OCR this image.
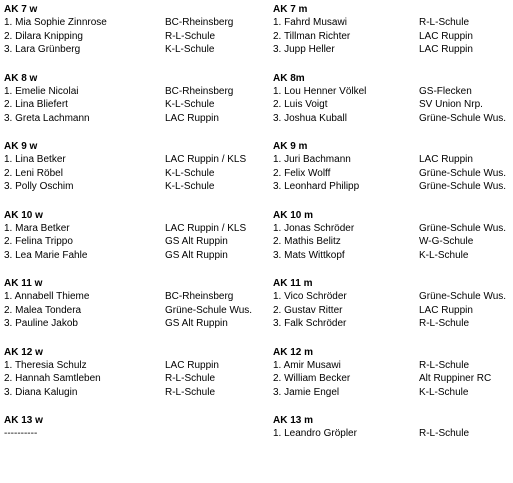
AK 7 w
1. Mia Sophie Zinnrose	BC-Rheinsberg
2. Dilara Knipping	R-L-Schule
3. Lara Grünberg	K-L-Schule
AK 8 w
1. Emelie Nicolai	BC-Rheinsberg
2. Lina Bliefert	K-L-Schule
3. Greta Lachmann	LAC Ruppin
AK 9 w
1. Lina Betker	LAC Ruppin / KLS
2. Leni Röbel	K-L-Schule
3. Polly Oschim	K-L-Schule
AK 10 w
1. Mara Betker	LAC Ruppin / KLS
2. Felina Trippo	GS Alt Ruppin
3. Lea Marie Fahle	GS Alt Ruppin
AK 11 w
1. Annabell Thieme	BC-Rheinsberg
2. Malea Tondera	Grüne-Schule Wus.
3. Pauline Jakob	GS Alt Ruppin
AK 12 w
1. Theresia Schulz	LAC Ruppin
2. Hannah Samtleben	R-L-Schule
3. Diana Kalugin	R-L-Schule
AK 13 w
----------
AK 7 m
1. Fahrd Musawi	R-L-Schule
2. Tillman Richter	LAC Ruppin
3. Jupp Heller	LAC Ruppin
AK 8m
1. Lou Henner Völkel	GS-Flecken
2. Luis Voigt	SV Union Nrp.
3. Joshua Kuball	Grüne-Schule Wus.
AK 9 m
1. Juri Bachmann	LAC Ruppin
2. Felix Wolff	Grüne-Schule Wus.
3. Leonhard Philipp	Grüne-Schule Wus.
AK 10 m
1. Jonas Schröder	Grüne-Schule Wus.
2. Mathis Belitz	W-G-Schule
3. Mats Wittkopf	K-L-Schule
AK 11 m
1. Vico Schröder	Grüne-Schule Wus.
2. Gustav Ritter	LAC Ruppin
3. Falk Schröder	R-L-Schule
AK 12 m
1. Amir Musawi	R-L-Schule
2. William Becker	Alt Ruppiner RC
3. Jamie Engel	K-L-Schule
AK 13 m
1. Leandro Gröpler	R-L-Schule
